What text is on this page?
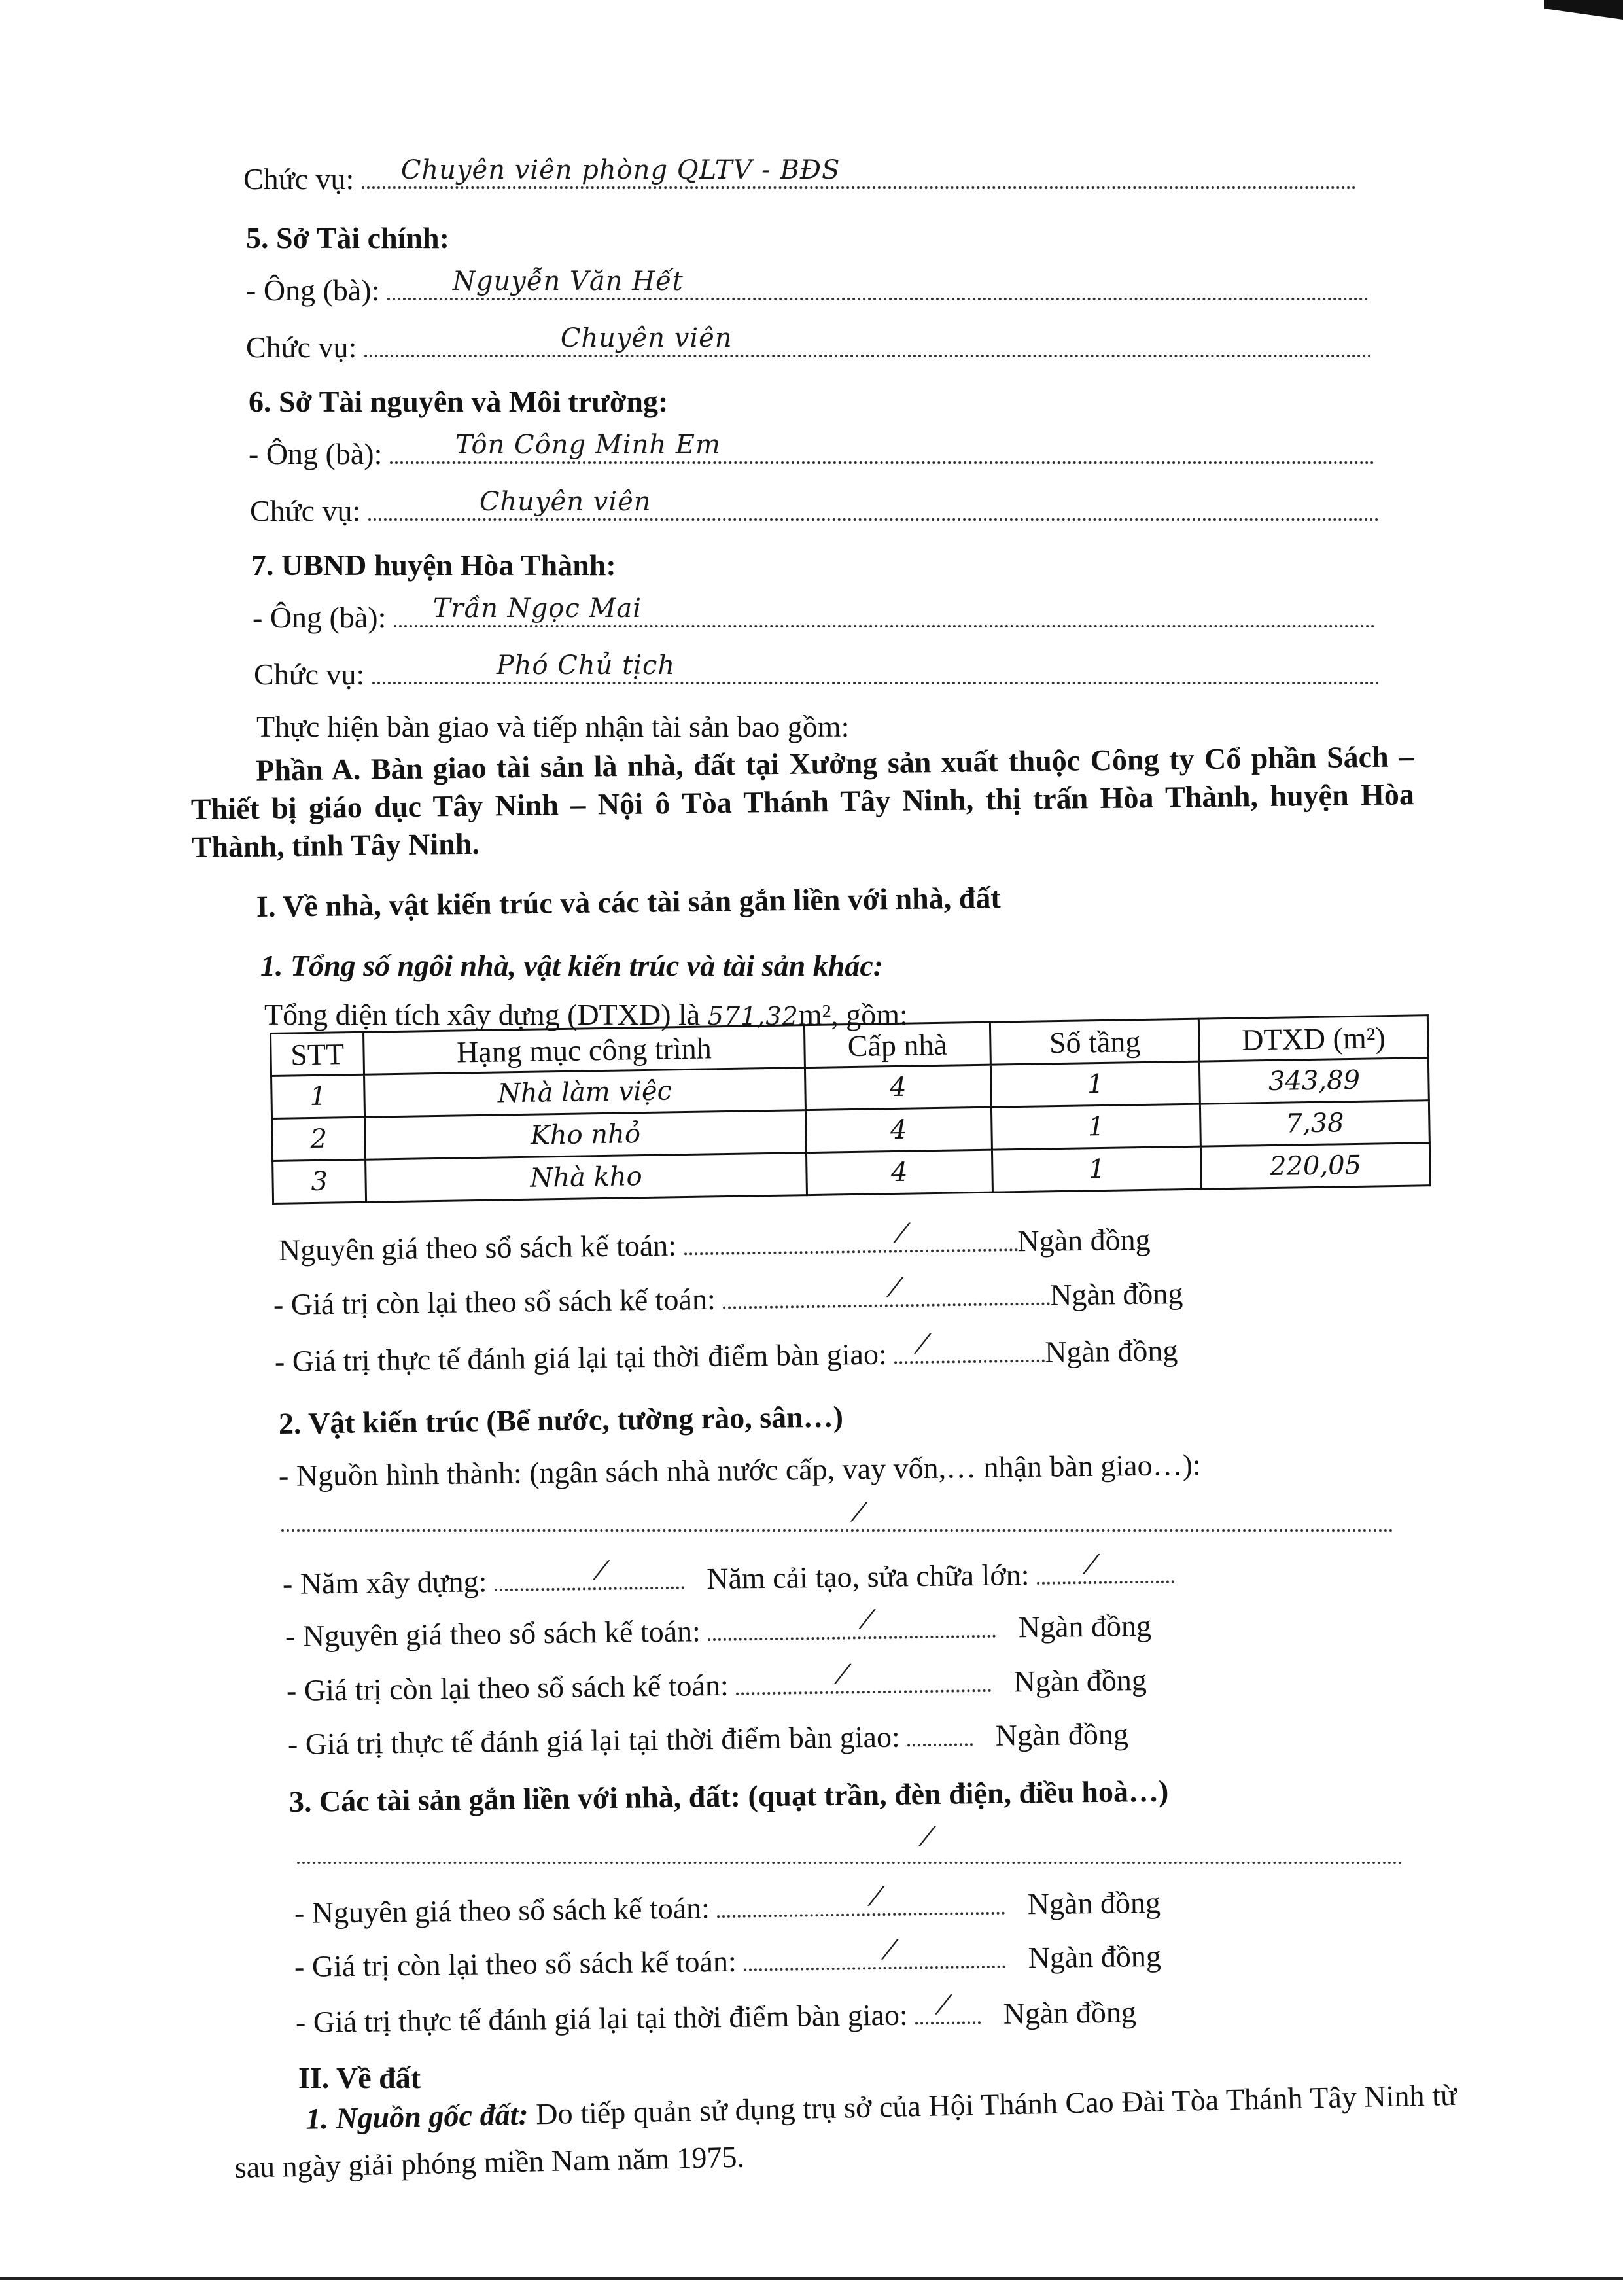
Chức vụ: Chuyên viên phòng QLTV - BĐS
5. Sở Tài chính:
- Ông (bà):	Nguyễn Văn Hết
Chức vụ:	Chuyên viên
6. Sở Tài nguyên và Môi trường:
- Ông (bà):	Tôn Công Minh Em
Chức vụ:	Chuyên viên
7. UBND huyện Hòa Thành:
- Ông (bà): Trần Ngọc Mai
Chức vụ:	Phó Chủ tịch
Thực hiện bàn giao và tiếp nhận tài sản bao gồm:
Phần A. Bàn giao tài sản là nhà, đất tại Xưởng sản xuất thuộc Công ty Cổ phần Sách – Thiết bị giáo dục Tây Ninh – Nội ô Tòa Thánh Tây Ninh, thị trấn Hòa Thành, huyện Hòa Thành, tỉnh Tây Ninh.
I. Về nhà, vật kiến trúc và các tài sản gắn liền với nhà, đất
1. Tổng số ngôi nhà, vật kiến trúc và tài sản khác:
Tổng diện tích xây dựng (DTXD) là 571,32m², gồm:
STT	Hạng mục công trình	Cấp nhà	Số tầng	DTXD (m²)
1	Nhà làm việc	4	1	343,89
2	Kho nhỏ	4	1	7,38
3	Nhà kho	4	1	220,05
Nguyên giá theo sổ sách kế toán:	⁄	Ngàn đồng
- Giá trị còn lại theo sổ sách kế toán:	⁄	Ngàn đồng
- Giá trị thực tế đánh giá lại tại thời điểm bàn giao: ⁄	Ngàn đồng
2. Vật kiến trúc (Bể nước, tường rào, sân…)
- Nguồn hình thành: (ngân sách nhà nước cấp, vay vốn,… nhận bàn giao…):
⁄
- Năm xây dựng:	⁄	Năm cải tạo, sửa chữa lớn: ⁄
- Nguyên giá theo sổ sách kế toán:	⁄	Ngàn đồng
- Giá trị còn lại theo sổ sách kế toán:	⁄	Ngàn đồng
- Giá trị thực tế đánh giá lại tại thời điểm bàn giao:	Ngàn đồng
3. Các tài sản gắn liền với nhà, đất: (quạt trần, đèn điện, điều hoà…)
⁄
- Nguyên giá theo sổ sách kế toán:	⁄	Ngàn đồng
- Giá trị còn lại theo sổ sách kế toán:	⁄	Ngàn đồng
- Giá trị thực tế đánh giá lại tại thời điểm bàn giao: ⁄ Ngàn đồng
II. Về đất
1. Nguồn gốc đất: Do tiếp quản sử dụng trụ sở của Hội Thánh Cao Đài Tòa Thánh Tây Ninh từ sau ngày giải phóng miền Nam năm 1975.
